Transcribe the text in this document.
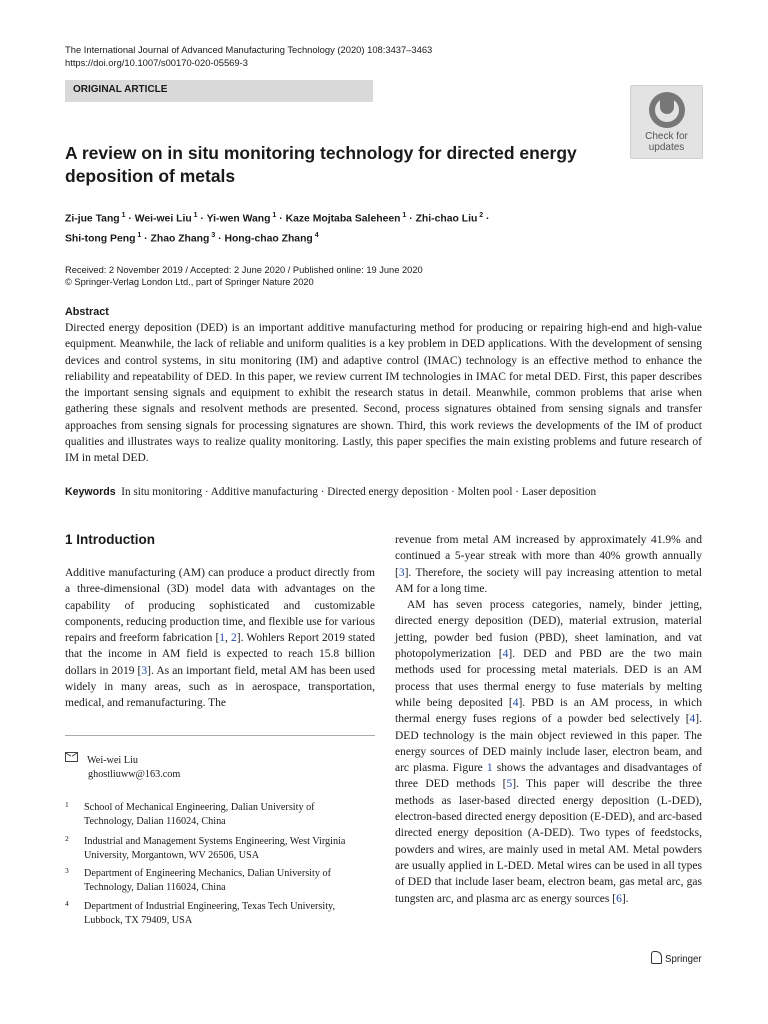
The International Journal of Advanced Manufacturing Technology (2020) 108:3437–3463
https://doi.org/10.1007/s00170-020-05569-3
ORIGINAL ARTICLE
Check for
updates
A review on in situ monitoring technology for directed energy deposition of metals
Zi-jue Tang $^1$ · Wei-wei Liu $^1$ · Yi-wen Wang $^1$ · Kaze Mojtaba Saleheen $^1$ · Zhi-chao Liu $^2$ ·
Shi-tong Peng $^1$ · Zhao Zhang $^3$ · Hong-chao Zhang $^4$
Received: 2 November 2019 / Accepted: 2 June 2020 / Published online: 19 June 2020
© Springer-Verlag London Ltd., part of Springer Nature 2020
Abstract

Directed energy deposition (DED) is an important additive manufacturing method for producing or repairing high-end and high-value equipment. Meanwhile, the lack of reliable and uniform qualities is a key problem in DED applications. With the development of sensing devices and control systems, in situ monitoring (IM) and adaptive control (IMAC) technology is an effective method to enhance the reliability and repeatability of DED. In this paper, we review current IM technologies in IMAC for metal DED. First, this paper describes the important sensing signals and equipment to exhibit the research status in detail. Meanwhile, common problems that arise when gathering these signals and resolvent methods are presented. Second, process signatures obtained from sensing signals and transfer approaches from sensing signals for processing signatures are shown. Third, this work reviews the developments of the IM of product qualities and illustrates ways to realize quality monitoring. Lastly, this paper specifies the main existing problems and future research of IM in metal DED.

Keywords In situ monitoring · Additive manufacturing · Directed energy deposition · Molten pool · Laser deposition
1 Introduction

Additive manufacturing (AM) can produce a product directly from a three-dimensional (3D) model data with advantages on the capability of producing sophisticated and customizable components, reducing production time, and flexible use for various repairs and freeform fabrication [1, 2]. Wohlers Report 2019 stated that the income in AM field is expected to reach 15.8 billion dollars in 2019 [3]. As an important field, metal AM has been used widely in many areas, such as in aerospace, transportation, medical, and remanufacturing. The

revenue from metal AM increased by approximately 41.9% and continued a 5-year streak with more than 40% growth annually [3]. Therefore, the society will pay increasing attention to metal AM for a long time.

AM has seven process categories, namely, binder jetting, directed energy deposition (DED), material extrusion, material jetting, powder bed fusion (PBD), sheet lamination, and vat photopolymerization [4]. DED and PBD are the two main methods used for processing metal materials. DED is an AM process that uses thermal energy to fuse materials by melting while being deposited [4]. PBD is an AM process, in which thermal energy fuses regions of a powder bed selectively [4]. DED technology is the main object reviewed in this paper. The energy sources of DED mainly include laser, electron beam, and arc plasma. Figure 1 shows the advantages and disadvantages of three DED methods [5]. This paper will describe the three methods as laser-based directed energy deposition (L-DED), electron-based directed energy deposition (E-DED), and arc-based directed energy deposition (A-DED). Two types of feedstocks, powders and wires, are mainly used in metal AM. Metal powders are usually applied in L-DED. Metal wires can be used in all types of DED that include laser beam, electron beam, gas metal arc, gas tungsten arc, and plasma arc as energy sources [6].

Wei-wei Liu
ghostliuww@163.com
1 School of Mechanical Engineering, Dalian University of Technology, Dalian 116024, China
2 Industrial and Management Systems Engineering, West Virginia University, Morgantown, WV 26506, USA
3 Department of Engineering Mechanics, Dalian University of Technology, Dalian 116024, China
4 Department of Industrial Engineering, Texas Tech University, Lubbock, TX 79409, USA
Springer
